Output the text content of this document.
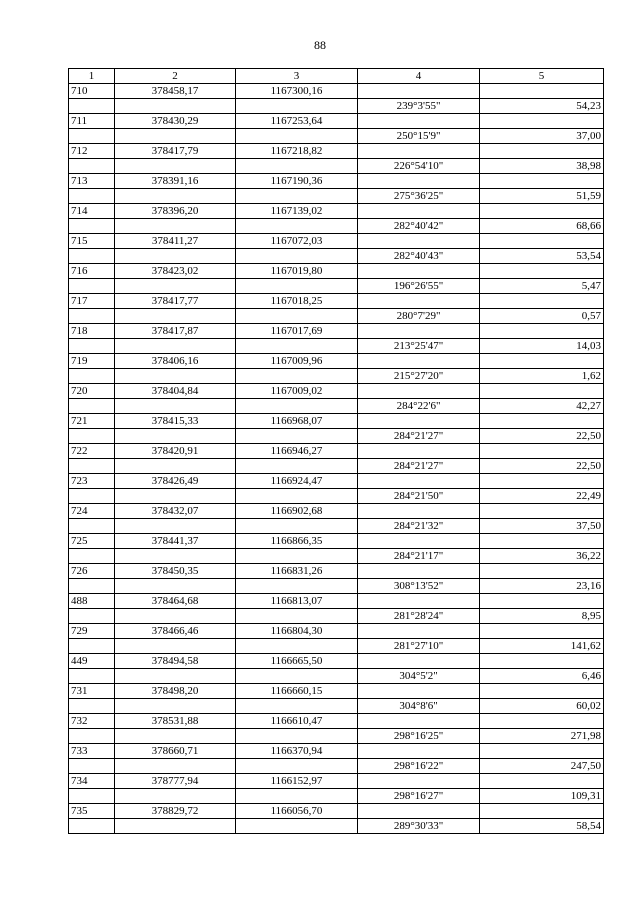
88
1	2	3	4	5
710	378458,17	1167300,16		
			239°3'55"	54,23
711	378430,29	1167253,64		
			250°15'9"	37,00
712	378417,79	1167218,82		
			226°54'10"	38,98
713	378391,16	1167190,36		
			275°36'25"	51,59
714	378396,20	1167139,02		
			282°40'42"	68,66
715	378411,27	1167072,03		
			282°40'43"	53,54
716	378423,02	1167019,80		
			196°26'55"	5,47
717	378417,77	1167018,25		
			280°7'29"	0,57
718	378417,87	1167017,69		
			213°25'47"	14,03
719	378406,16	1167009,96		
			215°27'20"	1,62
720	378404,84	1167009,02		
			284°22'6"	42,27
721	378415,33	1166968,07		
			284°21'27"	22,50
722	378420,91	1166946,27		
			284°21'27"	22,50
723	378426,49	1166924,47		
			284°21'50"	22,49
724	378432,07	1166902,68		
			284°21'32"	37,50
725	378441,37	1166866,35		
			284°21'17"	36,22
726	378450,35	1166831,26		
			308°13'52"	23,16
488	378464,68	1166813,07		
			281°28'24"	8,95
729	378466,46	1166804,30		
			281°27'10"	141,62
449	378494,58	1166665,50		
			304°5'2"	6,46
731	378498,20	1166660,15		
			304°8'6"	60,02
732	378531,88	1166610,47		
			298°16'25"	271,98
733	378660,71	1166370,94		
			298°16'22"	247,50
734	378777,94	1166152,97		
			298°16'27"	109,31
735	378829,72	1166056,70		
			289°30'33"	58,54
